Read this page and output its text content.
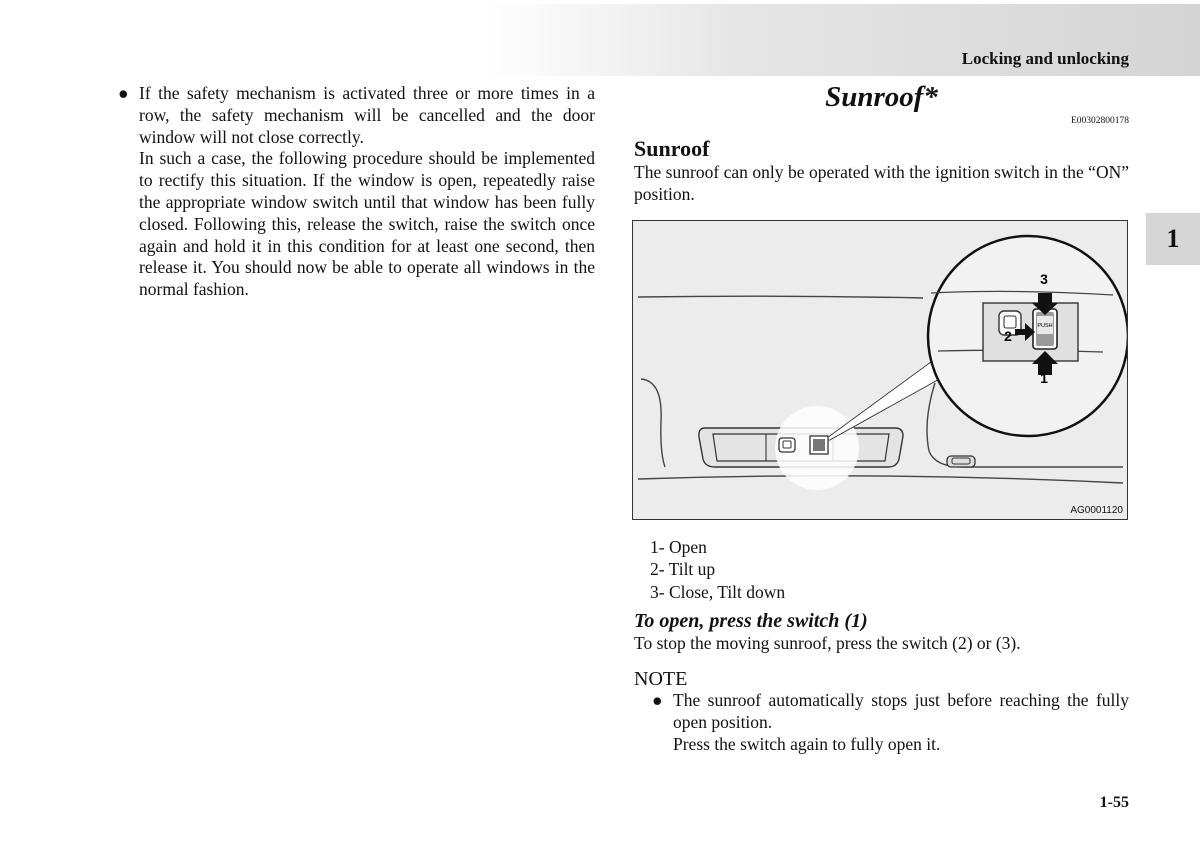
Locking and unlocking
1
● If the safety mechanism is activated three or more times in a row, the safety mechanism will be cancelled and the door window will not close correctly.

In such a case, the following procedure should be implemented to rectify this situation. If the window is open, repeatedly raise the appropriate window switch until that window has been fully closed. Following this, release the switch, raise the switch once again and hold it in this condition for at least one second, then release it. You should now be able to operate all windows in the normal fashion.

Sunroof*
E00302800178
Sunroof

The sunroof can only be operated with the ignition switch in the “ON” position.

PUSH
3
2
1
AG0001120
1- Open
2- Tilt up
3- Close, Tilt down
To open, press the switch (1)

To stop the moving sunroof, press the switch (2) or (3).

NOTE
● The sunroof automatically stops just before reaching the fully open position.

Press the switch again to fully open it.

1-55
